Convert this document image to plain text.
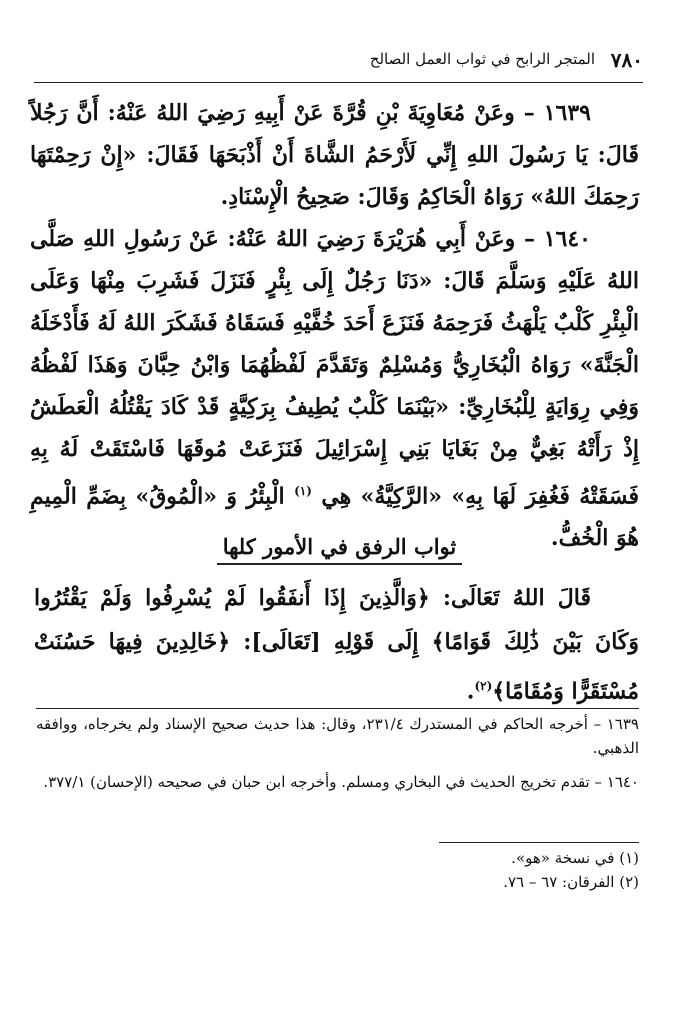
٧٨٠
المتجر الرابح في ثواب العمل الصالح

١٦٣٩ – وعَنْ مُعَاوِيَةَ بْنِ قُرَّةَ عَنْ أَبِيهِ رَضِيَ اللهُ عَنْهُ: أَنَّ رَجُلاً قَالَ: يَا رَسُولَ اللهِ إِنِّي لَأَرْحَمُ الشَّاةَ أَنْ أَذْبَحَهَا فَقَالَ: «إِنْ رَحِمْتَهَا رَحِمَكَ اللهُ» رَوَاهُ الْحَاكِمُ وَقَالَ: صَحِيحُ الْإِسْنَادِ.

١٦٤٠ – وعَنْ أَبِي هُرَيْرَةَ رَضِيَ اللهُ عَنْهُ: عَنْ رَسُولِ اللهِ صَلَّى اللهُ عَلَيْهِ وَسَلَّمَ قَالَ: «دَنَا رَجُلٌ إِلَى بِئْرٍ فَنَزَلَ فَشَرِبَ مِنْهَا وَعَلَى الْبِئْرِ كَلْبٌ يَلْهَثُ فَرَحِمَهُ فَنَزَعَ أَحَدَ خُفَّيْهِ فَسَقَاهُ فَشَكَرَ اللهُ لَهُ فَأَدْخَلَهُ الْجَنَّةَ» رَوَاهُ الْبُخَارِيُّ وَمُسْلِمٌ وَتَقَدَّمَ لَفْظُهُمَا وَابْنُ حِبَّانَ وَهَذَا لَفْظُهُ وَفِي رِوَايَةٍ لِلْبُخَارِيِّ: «بَيْنَمَا كَلْبٌ يُطِيفُ بِرَكِيَّةٍ قَدْ كَادَ يَقْتُلُهُ الْعَطَشُ إِذْ رَأَتْهُ بَغِيٌّ مِنْ بَغَايَا بَنِي إِسْرَائِيلَ فَنَزَعَتْ مُوقَهَا فَاسْتَقَتْ لَهُ بِهِ فَسَقَتْهُ فَغُفِرَ لَهَا بِهِ» «الرَّكِيَّةُ» هِي $^{(١)}$ الْبِئْرُ وَ «الْمُوقُ» بِضَمِّ الْمِيمِ هُوَ الْخُفُّ.

ثواب الرفق في الأمور كلها
قَالَ اللهُ تَعَالَى: ﴿وَالَّذِينَ إِذَا أَنفَقُوا لَمْ يُسْرِفُوا وَلَمْ يَقْتُرُوا وَكَانَ بَيْنَ ذَٰلِكَ قَوَامًا﴾ إِلَى قَوْلِهِ [تَعَالَى]: ﴿خَالِدِينَ فِيهَا حَسُنَتْ مُسْتَقَرًّا وَمُقَامًا﴾$^{(٢)}$.

١٦٣٩ – أخرجه الحاكم في المستدرك ٢٣١/٤، وقال: هذا حديث صحيح الإسناد ولم يخرجاه، ووافقه الذهبي.

١٦٤٠ – تقدم تخريج الحديث في البخاري ومسلم. وأخرجه ابن حبان في صحيحه (الإحسان) ٣٧٧/١.

(١) في نسخة «هو».
(٢) الفرقان: ٦٧ – ٧٦.
